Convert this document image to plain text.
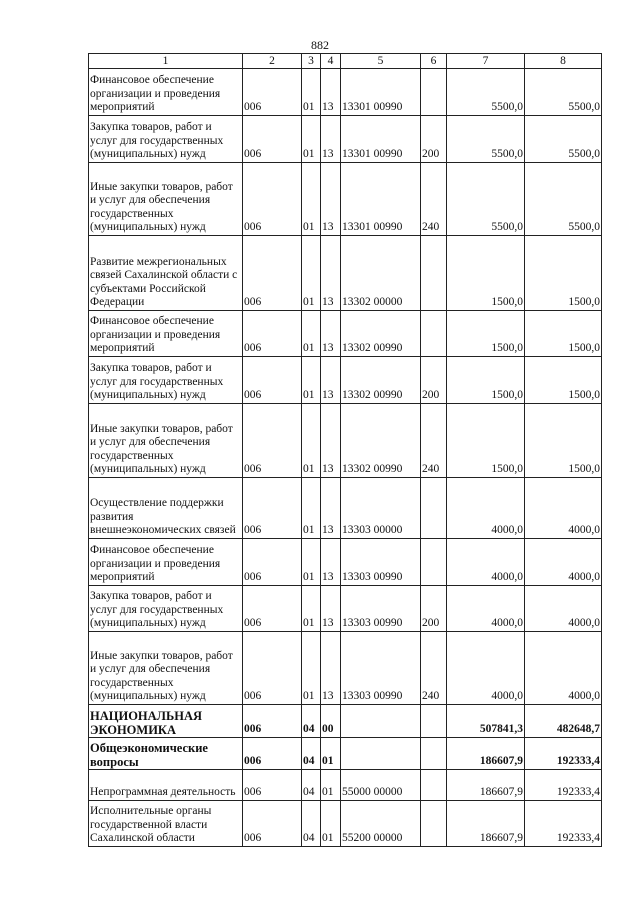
882
1	2	3	4	5	6	7	8
Финансовое обеспечение организации и проведения мероприятий	006	01	13	13301 00990		5500,0	5500,0
Закупка товаров, работ и услуг для государственных (муниципальных) нужд	006	01	13	13301 00990	200	5500,0	5500,0
Иные закупки товаров, работ и услуг для обеспечения государственных (муниципальных) нужд	006	01	13	13301 00990	240	5500,0	5500,0
Развитие межрегиональных связей Сахалинской области с субъектами Российской Федерации	006	01	13	13302 00000		1500,0	1500,0
Финансовое обеспечение организации и проведения мероприятий	006	01	13	13302 00990		1500,0	1500,0
Закупка товаров, работ и услуг для государственных (муниципальных) нужд	006	01	13	13302 00990	200	1500,0	1500,0
Иные закупки товаров, работ и услуг для обеспечения государственных (муниципальных) нужд	006	01	13	13302 00990	240	1500,0	1500,0
Осуществление поддержки развития внешнеэкономических связей	006	01	13	13303 00000		4000,0	4000,0
Финансовое обеспечение организации и проведения мероприятий	006	01	13	13303 00990		4000,0	4000,0
Закупка товаров, работ и услуг для государственных (муниципальных) нужд	006	01	13	13303 00990	200	4000,0	4000,0
Иные закупки товаров, работ и услуг для обеспечения государственных (муниципальных) нужд	006	01	13	13303 00990	240	4000,0	4000,0
НАЦИОНАЛЬНАЯ ЭКОНОМИКА	006	04	00			507841,3	482648,7
Общеэкономические вопросы	006	04	01			186607,9	192333,4
Непрограммная деятельность	006	04	01	55000 00000		186607,9	192333,4
Исполнительные органы государственной власти Сахалинской области	006	04	01	55200 00000		186607,9	192333,4
